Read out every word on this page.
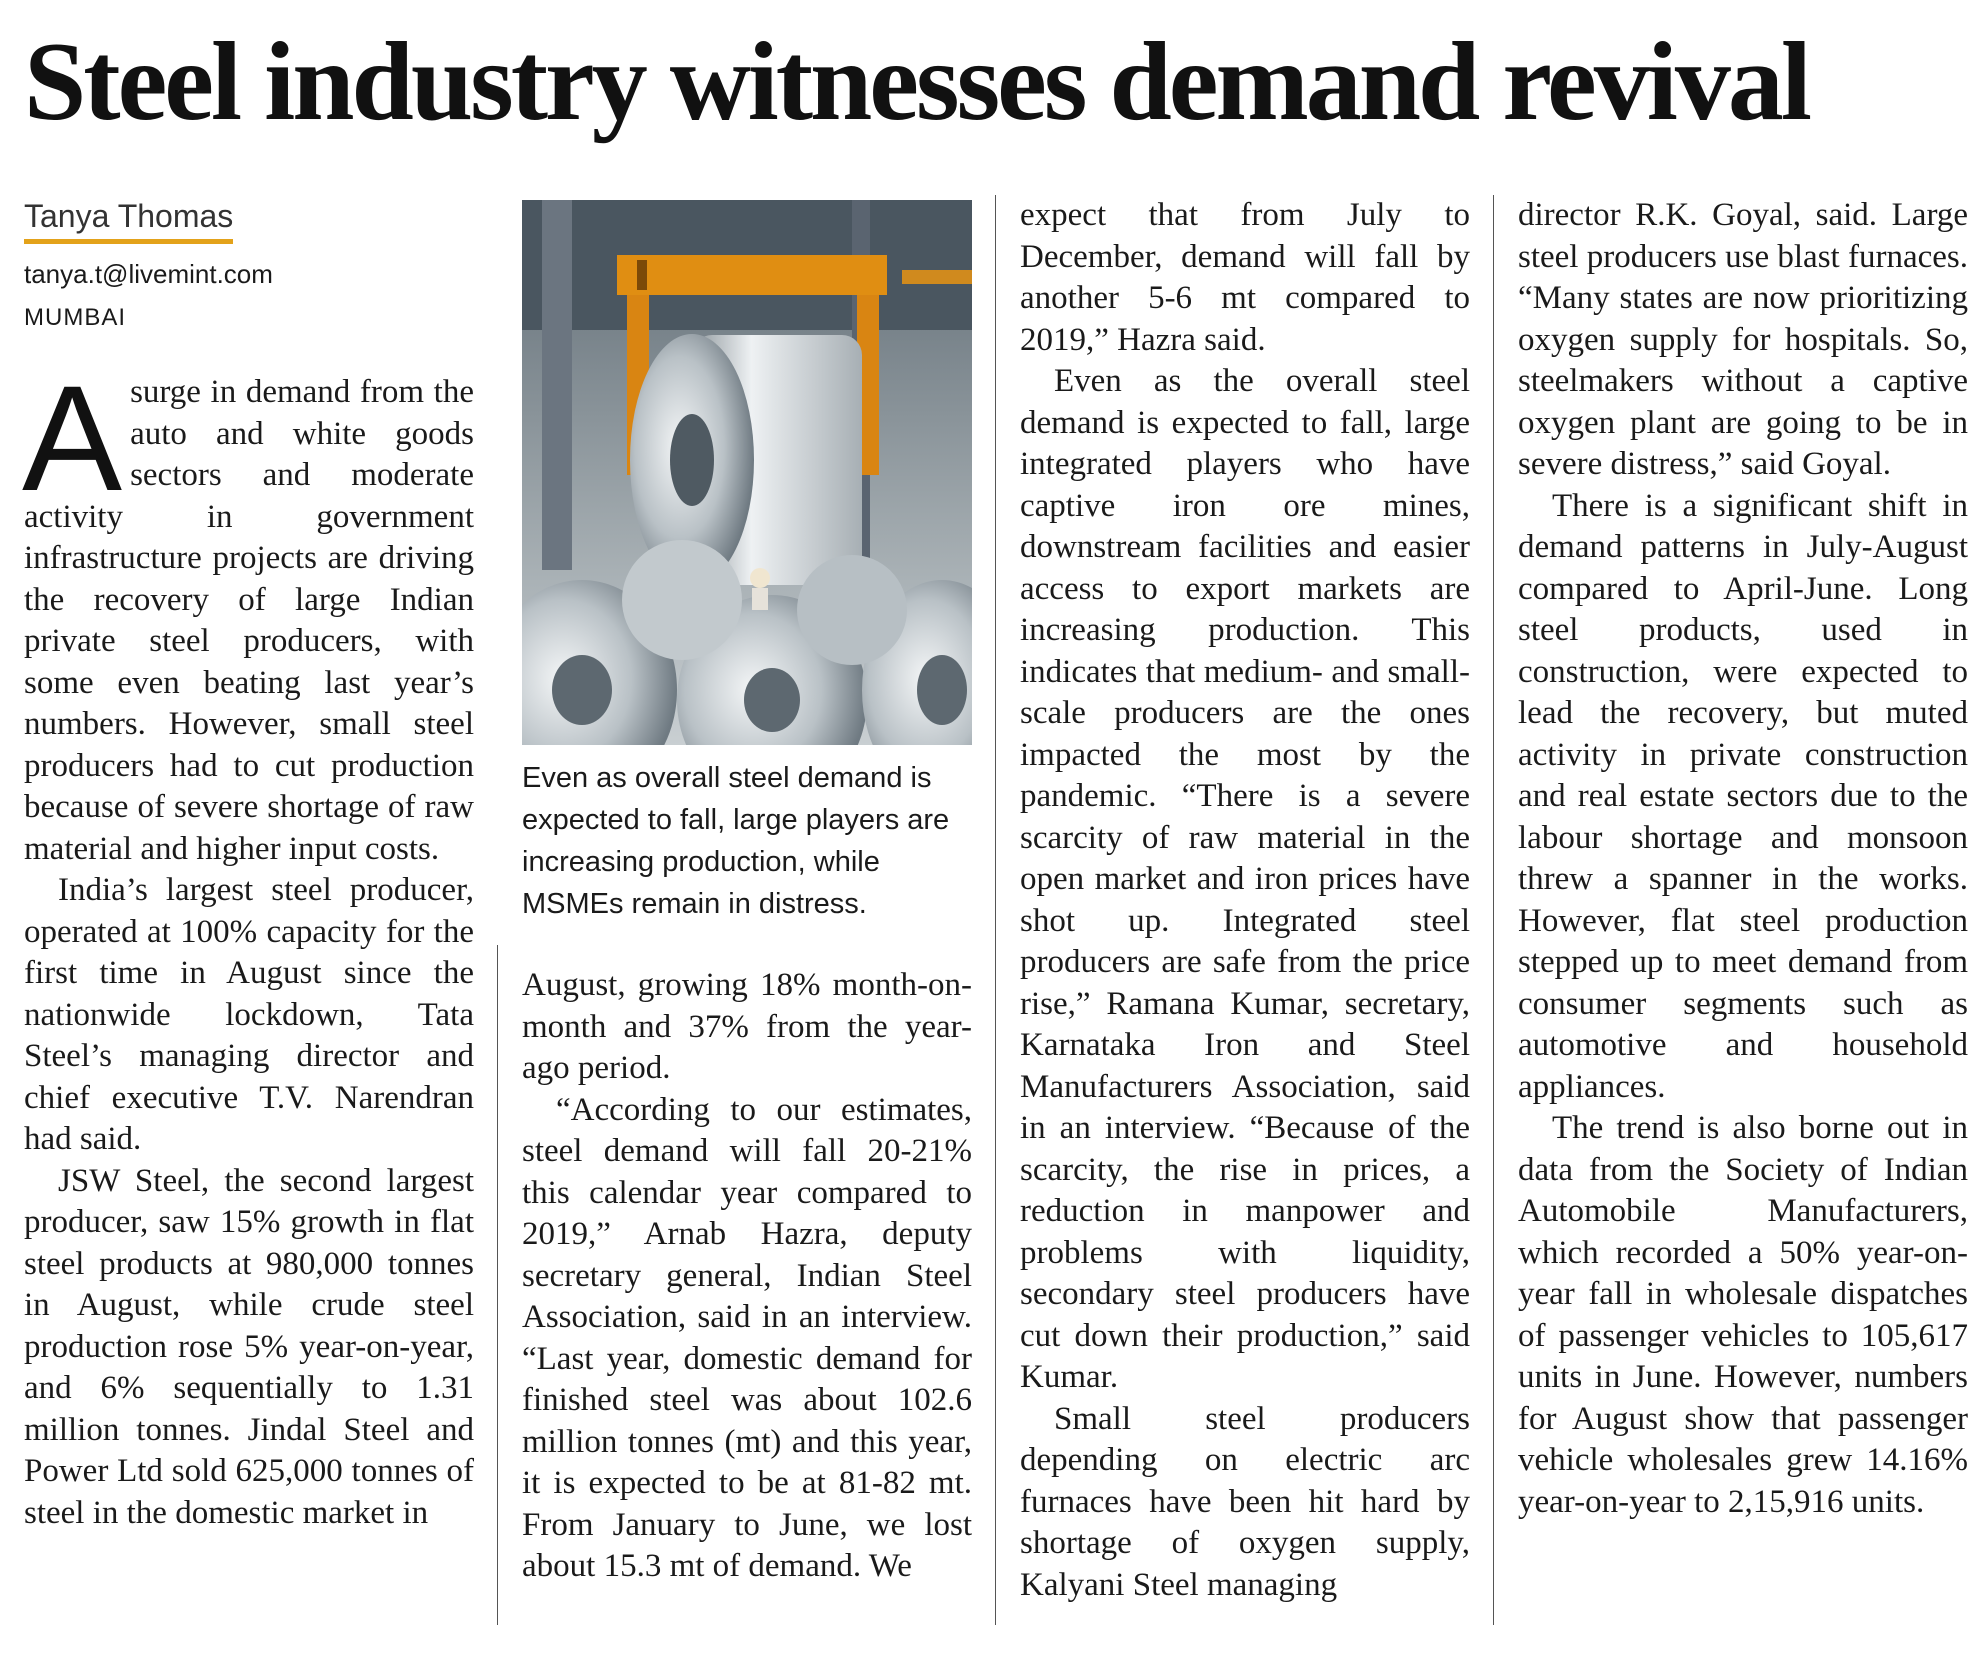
Steel industry witnesses demand revival
Tanya Thomas
tanya.t@livemint.com
MUMBAI

A surge in demand from the auto and white goods sectors and moderate activity in government infrastructure projects are driving the recovery of large Indian private steel producers, with some even beating last year’s numbers. However, small steel producers had to cut production because of severe shortage of raw material and higher input costs.

India’s largest steel producer, operated at 100% capacity for the first time in August since the nationwide lockdown, Tata Steel’s managing director and chief executive T.V. Narendran had said.

JSW Steel, the second largest producer, saw 15% growth in flat steel products at 980,000 tonnes in August, while crude steel production rose 5% year-on-year, and 6% sequentially to 1.31 million tonnes. Jindal Steel and Power Ltd sold 625,000 tonnes of steel in the domestic market in

Even as overall steel demand is expected to fall, large players are increasing production, while MSMEs remain in distress.

August, growing 18% month-on-month and 37% from the year-ago period.

“According to our estimates, steel demand will fall 20-21% this calendar year compared to 2019,” Arnab Hazra, deputy secretary general, Indian Steel Association, said in an interview. “Last year, domestic demand for finished steel was about 102.6 million tonnes (mt) and this year, it is expected to be at 81-82 mt. From January to June, we lost about 15.3 mt of demand. We

expect that from July to December, demand will fall by another 5-6 mt compared to 2019,” Hazra said.

Even as the overall steel demand is expected to fall, large integrated players who have captive iron ore mines, downstream facilities and easier access to export markets are increasing production. This indicates that medium- and small-scale producers are the ones impacted the most by the pandemic. “There is a severe scarcity of raw material in the open market and iron prices have shot up. Integrated steel producers are safe from the price rise,” Ramana Kumar, secretary, Karnataka Iron and Steel Manufacturers Association, said in an interview. “Because of the scarcity, the rise in prices, a reduction in manpower and problems with liquidity, secondary steel producers have cut down their production,” said Kumar.

Small steel producers depending on electric arc furnaces have been hit hard by shortage of oxygen supply, Kalyani Steel managing

director R.K. Goyal, said. Large steel producers use blast furnaces. “Many states are now prioritizing oxygen supply for hospitals. So, steelmakers without a captive oxygen plant are going to be in severe distress,” said Goyal.

There is a significant shift in demand patterns in July-August compared to April-June. Long steel products, used in construction, were expected to lead the recovery, but muted activity in private construction and real estate sectors due to the labour shortage and monsoon threw a spanner in the works. However, flat steel production stepped up to meet demand from consumer segments such as automotive and household appliances.

The trend is also borne out in data from the Society of Indian Automobile Manufacturers, which recorded a 50% year-on-year fall in wholesale dispatches of passenger vehicles to 105,617 units in June. However, numbers for August show that passenger vehicle wholesales grew 14.16% year-on-year to 2,15,916 units.
